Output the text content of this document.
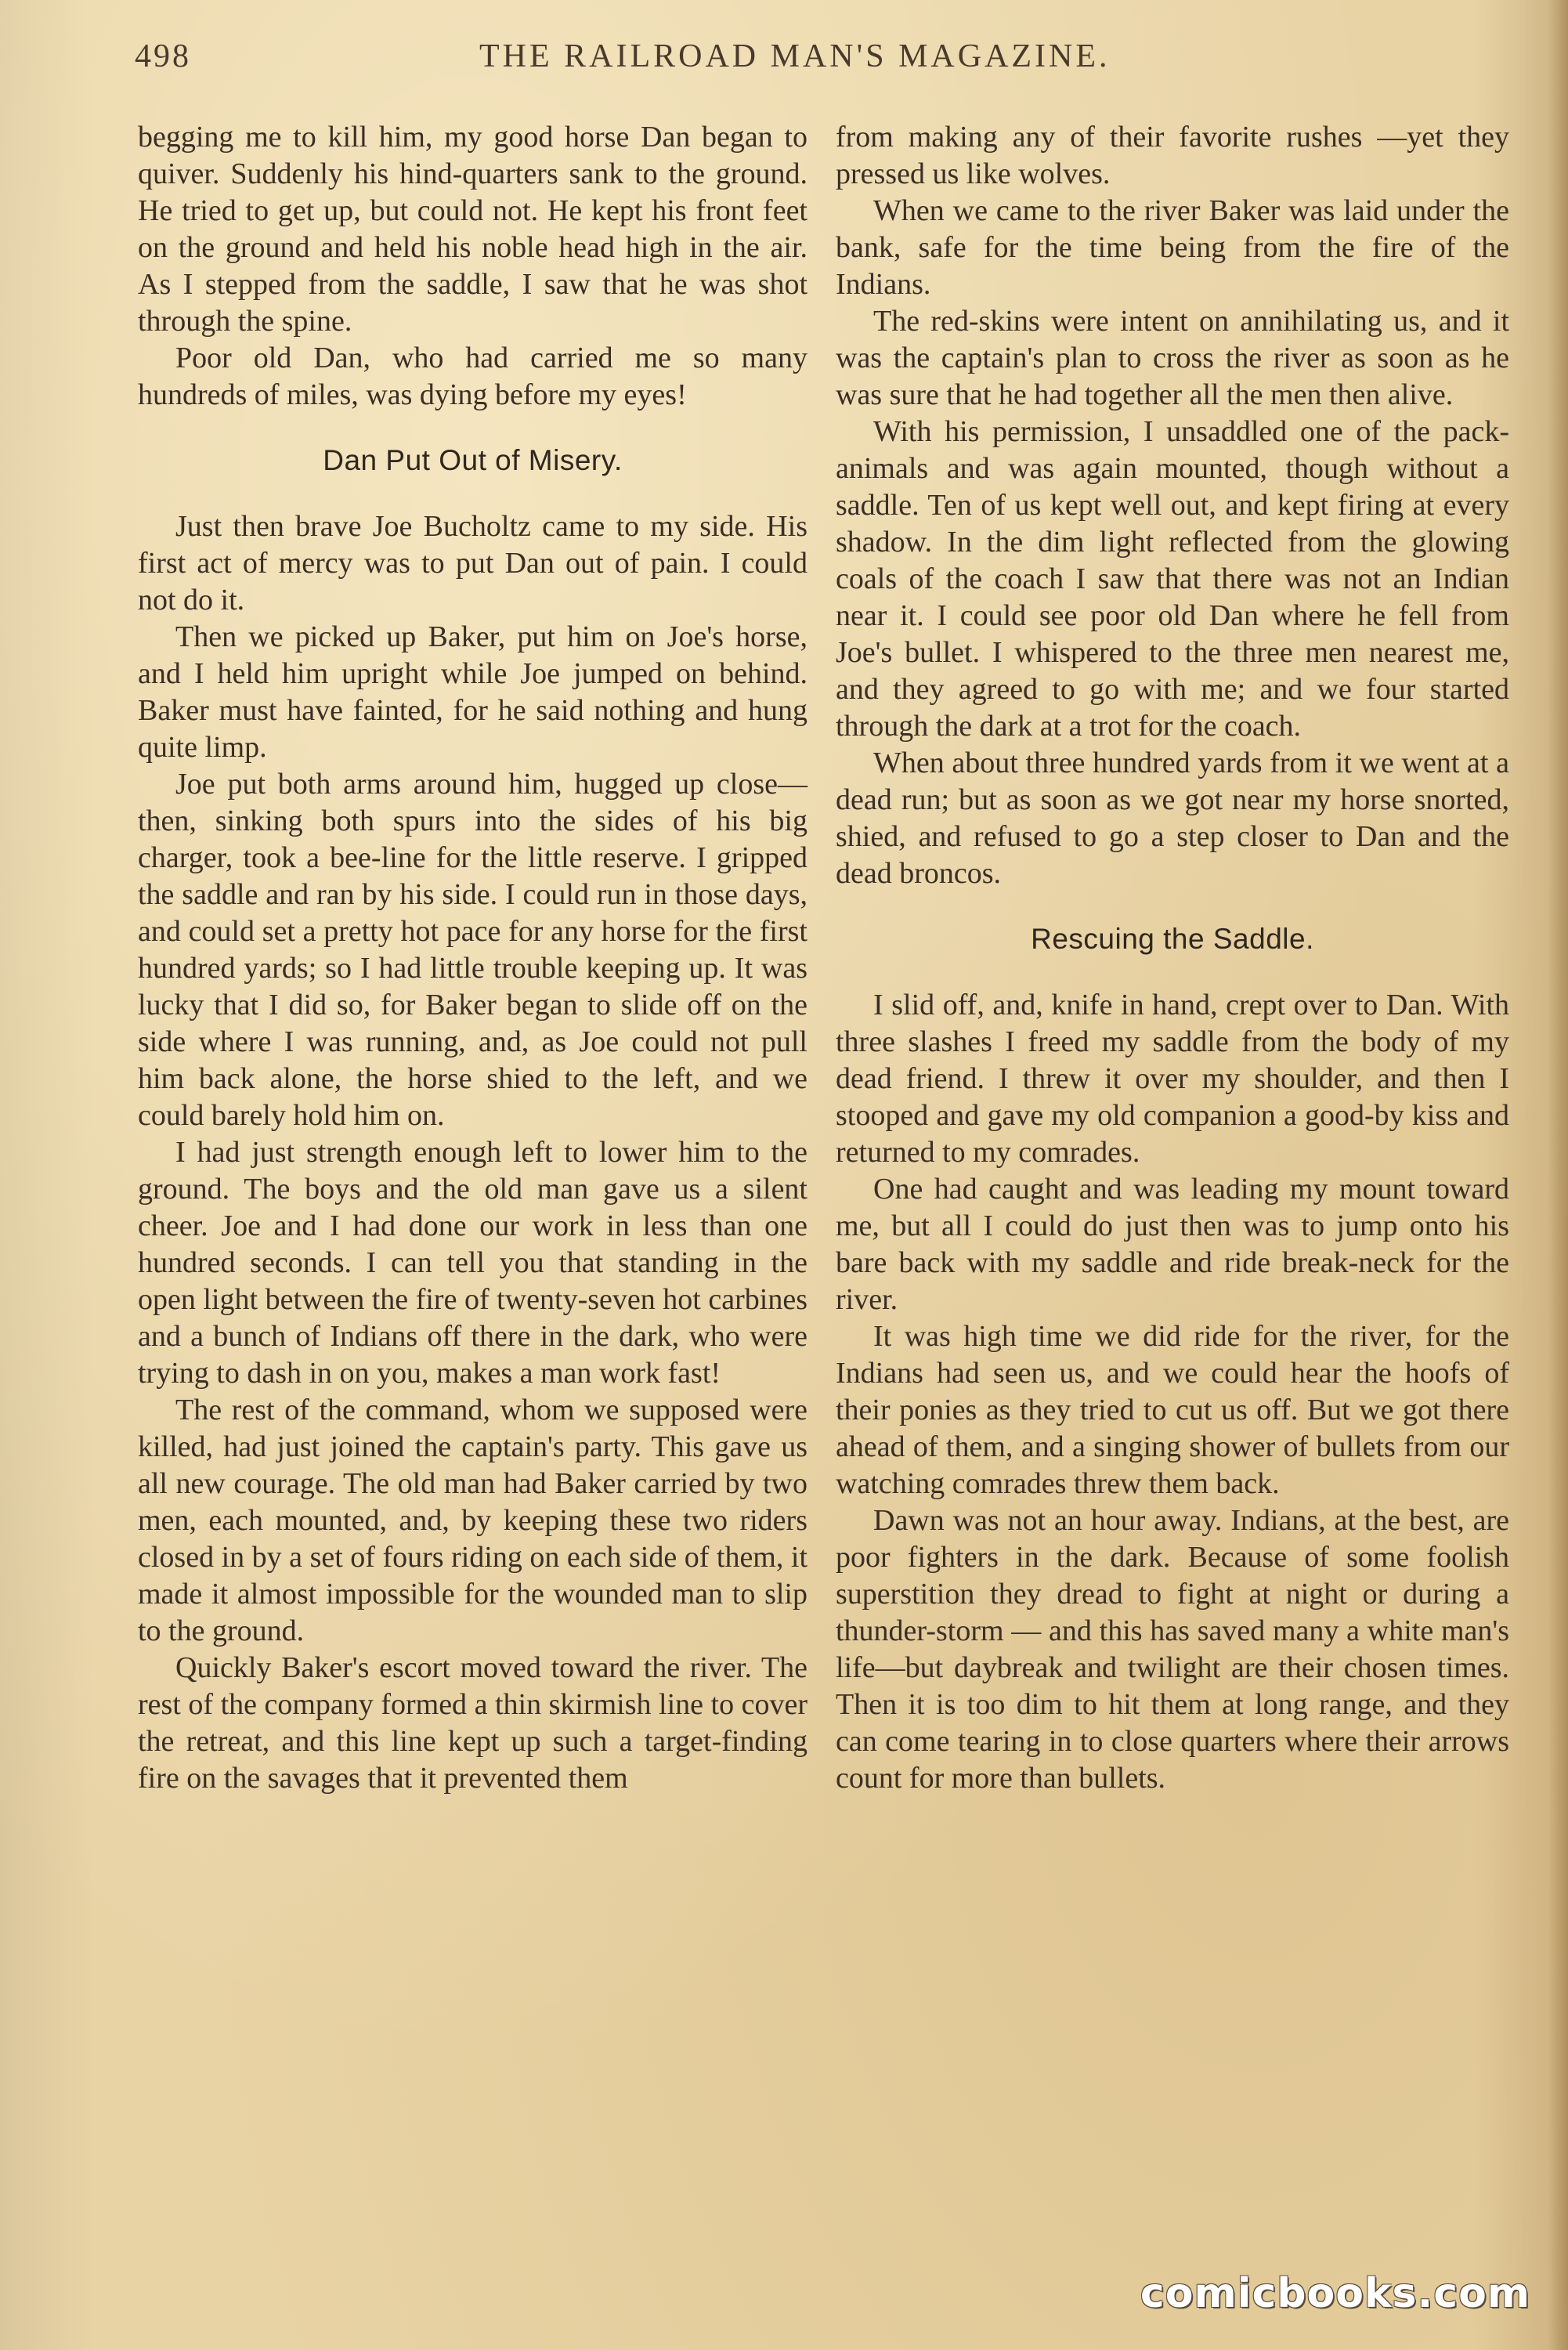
498	THE RAILROAD MAN'S MAGAZINE.

begging me to kill him, my good horse Dan began to quiver. Suddenly his hind-quarters sank to the ground. He tried to get up, but could not. He kept his front feet on the ground and held his noble head high in the air. As I stepped from the saddle, I saw that he was shot through the spine.

Poor old Dan, who had carried me so many hundreds of miles, was dying before my eyes!

Dan Put Out of Misery.

Just then brave Joe Bucholtz came to my side. His first act of mercy was to put Dan out of pain. I could not do it.

Then we picked up Baker, put him on Joe's horse, and I held him upright while Joe jumped on behind. Baker must have fainted, for he said nothing and hung quite limp.

Joe put both arms around him, hugged up close—then, sinking both spurs into the sides of his big charger, took a bee-line for the little reserve. I gripped the saddle and ran by his side. I could run in those days, and could set a pretty hot pace for any horse for the first hundred yards; so I had little trouble keeping up. It was lucky that I did so, for Baker began to slide off on the side where I was running, and, as Joe could not pull him back alone, the horse shied to the left, and we could barely hold him on.

I had just strength enough left to lower him to the ground. The boys and the old man gave us a silent cheer. Joe and I had done our work in less than one hundred seconds. I can tell you that standing in the open light between the fire of twenty-seven hot carbines and a bunch of Indians off there in the dark, who were trying to dash in on you, makes a man work fast!

The rest of the command, whom we supposed were killed, had just joined the captain's party. This gave us all new courage. The old man had Baker carried by two men, each mounted, and, by keeping these two riders closed in by a set of fours riding on each side of them, it made it almost impossible for the wounded man to slip to the ground.

Quickly Baker's escort moved toward the river. The rest of the company formed a thin skirmish line to cover the retreat, and this line kept up such a target-finding fire on the savages that it prevented them

from making any of their favorite rushes —yet they pressed us like wolves.

When we came to the river Baker was laid under the bank, safe for the time being from the fire of the Indians.

The red-skins were intent on annihilating us, and it was the captain's plan to cross the river as soon as he was sure that he had together all the men then alive.

With his permission, I unsaddled one of the pack-animals and was again mounted, though without a saddle. Ten of us kept well out, and kept firing at every shadow. In the dim light reflected from the glowing coals of the coach I saw that there was not an Indian near it. I could see poor old Dan where he fell from Joe's bullet. I whispered to the three men nearest me, and they agreed to go with me; and we four started through the dark at a trot for the coach.

When about three hundred yards from it we went at a dead run; but as soon as we got near my horse snorted, shied, and refused to go a step closer to Dan and the dead broncos.

Rescuing the Saddle.

I slid off, and, knife in hand, crept over to Dan. With three slashes I freed my saddle from the body of my dead friend. I threw it over my shoulder, and then I stooped and gave my old companion a good-by kiss and returned to my comrades.

One had caught and was leading my mount toward me, but all I could do just then was to jump onto his bare back with my saddle and ride break-neck for the river.

It was high time we did ride for the river, for the Indians had seen us, and we could hear the hoofs of their ponies as they tried to cut us off. But we got there ahead of them, and a singing shower of bullets from our watching comrades threw them back.

Dawn was not an hour away. Indians, at the best, are poor fighters in the dark. Because of some foolish superstition they dread to fight at night or during a thunder-storm — and this has saved many a white man's life—but daybreak and twilight are their chosen times. Then it is too dim to hit them at long range, and they can come tearing in to close quarters where their arrows count for more than bullets.

comicbooks.com
